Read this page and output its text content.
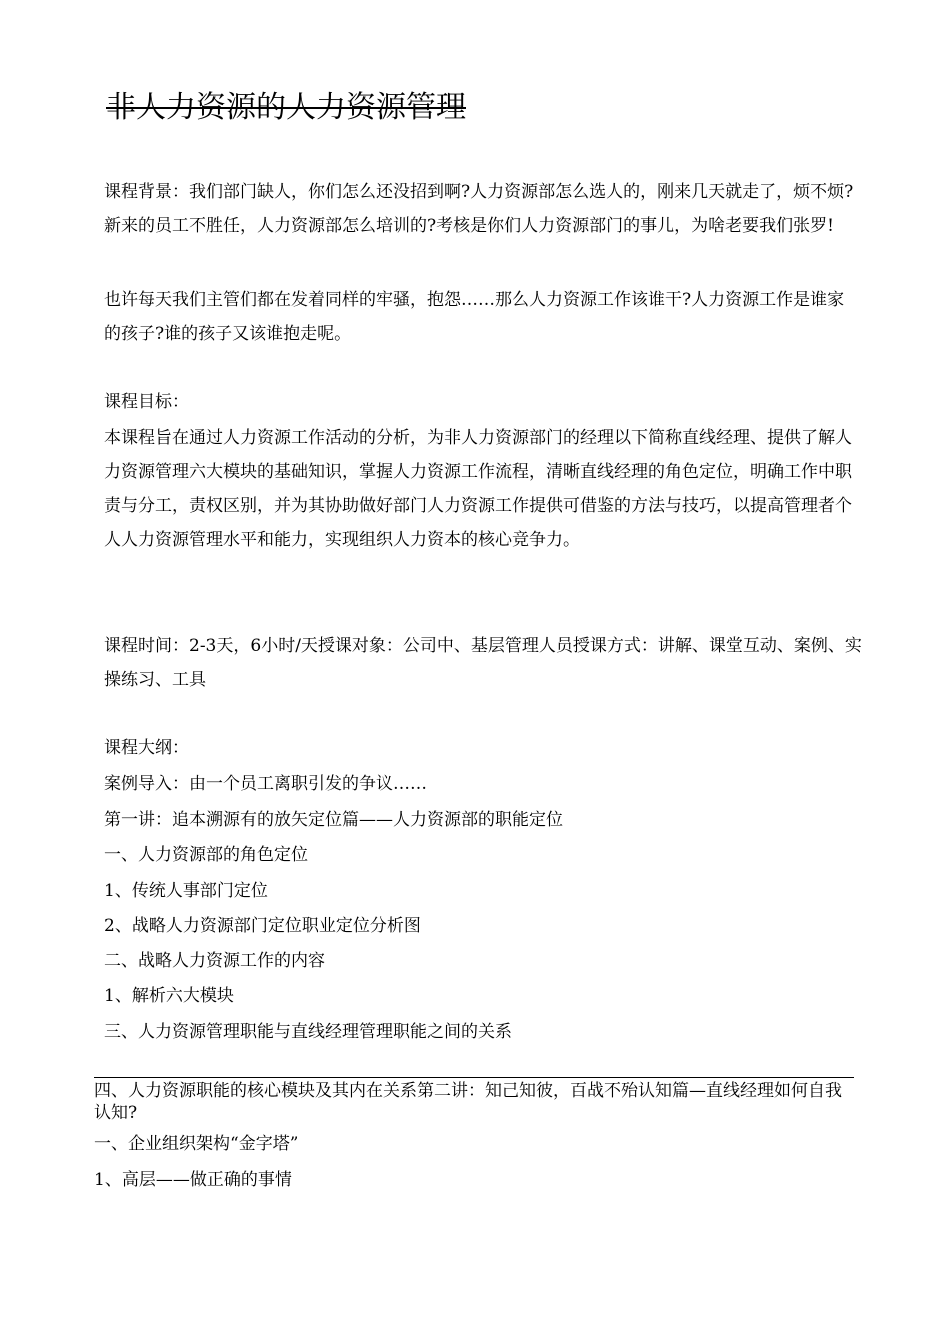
非人力资源的人力资源管理

课程背景：我们部门缺人，你们怎么还没招到啊?人力资源部怎么选人的，刚来几天就走了，烦不烦?新来的员工不胜任，人力资源部怎么培训的?考核是你们人力资源部门的事儿，为啥老要我们张罗!

也许每天我们主管们都在发着同样的牢骚，抱怨……那么人力资源工作该谁干?人力资源工作是谁家的孩子?谁的孩子又该谁抱走呢。

课程目标：

本课程旨在通过人力资源工作活动的分析，为非人力资源部门的经理以下简称直线经理、提供了解人力资源管理六大模块的基础知识，掌握人力资源工作流程，清晰直线经理的角色定位，明确工作中职责与分工，责权区别，并为其协助做好部门人力资源工作提供可借鉴的方法与技巧，以提高管理者个人人力资源管理水平和能力，实现组织人力资本的核心竞争力。

课程时间：2-3天，6小时/天授课对象：公司中、基层管理人员授课方式：讲解、课堂互动、案例、实操练习、工具

课程大纲：

案例导入：由一个员工离职引发的争议……

第一讲：追本溯源有的放矢定位篇——人力资源部的职能定位

一、人力资源部的角色定位

1、传统人事部门定位

2、战略人力资源部门定位职业定位分析图

二、战略人力资源工作的内容

1、解析六大模块

三、人力资源管理职能与直线经理管理职能之间的关系

四、人力资源职能的核心模块及其内在关系第二讲：知己知彼，百战不殆认知篇—直线经理如何自我认知?

一、企业组织架构“金字塔”

1、高层——做正确的事情
